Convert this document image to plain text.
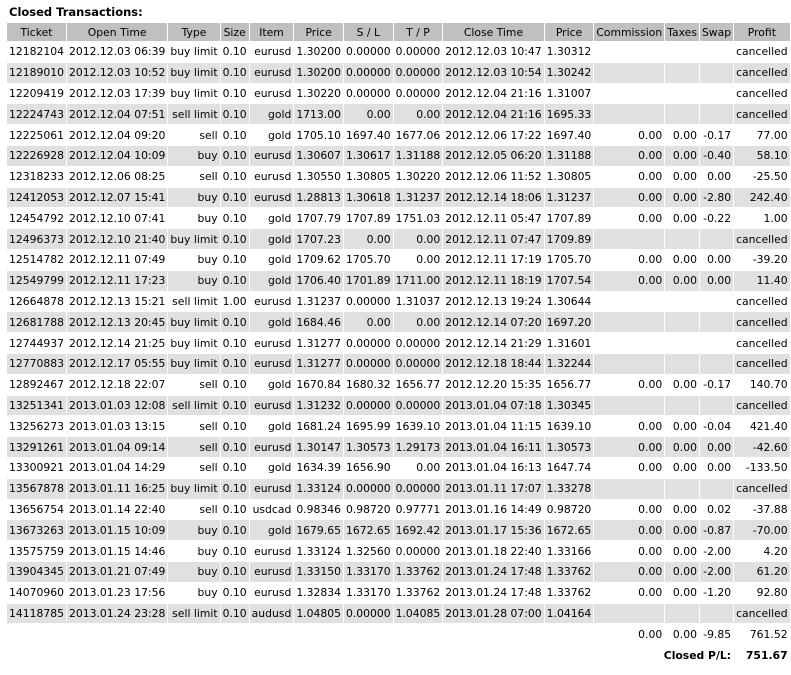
Closed Transactions:
Ticket	Open Time	Type	Size	Item	Price	S / L	T / P	Close Time	Price	Commission	Taxes	Swap	Profit
12182104	2012.12.03 06:39	buy limit	0.10	eurusd	1.30200	0.00000	0.00000	2012.12.03 10:47	1.30312				cancelled
12189010	2012.12.03 10:52	buy limit	0.10	eurusd	1.30200	0.00000	0.00000	2012.12.03 10:54	1.30242				cancelled
12209419	2012.12.03 17:39	buy limit	0.10	eurusd	1.30220	0.00000	0.00000	2012.12.04 21:16	1.31007				cancelled
12224743	2012.12.04 07:51	sell limit	0.10	gold	1713.00	0.00	0.00	2012.12.04 21:16	1695.33				cancelled
12225061	2012.12.04 09:20	sell	0.10	gold	1705.10	1697.40	1677.06	2012.12.06 17:22	1697.40	0.00	0.00	-0.17	77.00
12226928	2012.12.04 10:09	buy	0.10	eurusd	1.30607	1.30617	1.31188	2012.12.05 06:20	1.31188	0.00	0.00	-0.40	58.10
12318233	2012.12.06 08:25	sell	0.10	eurusd	1.30550	1.30805	1.30220	2012.12.06 11:52	1.30805	0.00	0.00	0.00	-25.50
12412053	2012.12.07 15:41	buy	0.10	eurusd	1.28813	1.30618	1.31237	2012.12.14 18:06	1.31237	0.00	0.00	-2.80	242.40
12454792	2012.12.10 07:41	buy	0.10	gold	1707.79	1707.89	1751.03	2012.12.11 05:47	1707.89	0.00	0.00	-0.22	1.00
12496373	2012.12.10 21:40	buy limit	0.10	gold	1707.23	0.00	0.00	2012.12.11 07:47	1709.89				cancelled
12514782	2012.12.11 07:49	buy	0.10	gold	1709.62	1705.70	0.00	2012.12.11 17:19	1705.70	0.00	0.00	0.00	-39.20
12549799	2012.12.11 17:23	buy	0.10	gold	1706.40	1701.89	1711.00	2012.12.11 18:19	1707.54	0.00	0.00	0.00	11.40
12664878	2012.12.13 15:21	sell limit	1.00	eurusd	1.31237	0.00000	1.31037	2012.12.13 19:24	1.30644				cancelled
12681788	2012.12.13 20:45	buy limit	0.10	gold	1684.46	0.00	0.00	2012.12.14 07:20	1697.20				cancelled
12744937	2012.12.14 21:25	buy limit	0.10	eurusd	1.31277	0.00000	0.00000	2012.12.14 21:29	1.31601				cancelled
12770883	2012.12.17 05:55	buy limit	0.10	eurusd	1.31277	0.00000	0.00000	2012.12.18 18:44	1.32244				cancelled
12892467	2012.12.18 22:07	sell	0.10	gold	1670.84	1680.32	1656.77	2012.12.20 15:35	1656.77	0.00	0.00	-0.17	140.70
13251341	2013.01.03 12:08	sell limit	0.10	eurusd	1.31232	0.00000	0.00000	2013.01.04 07:18	1.30345				cancelled
13256273	2013.01.03 13:15	sell	0.10	gold	1681.24	1695.99	1639.10	2013.01.04 11:15	1639.10	0.00	0.00	-0.04	421.40
13291261	2013.01.04 09:14	sell	0.10	eurusd	1.30147	1.30573	1.29173	2013.01.04 16:11	1.30573	0.00	0.00	0.00	-42.60
13300921	2013.01.04 14:29	sell	0.10	gold	1634.39	1656.90	0.00	2013.01.04 16:13	1647.74	0.00	0.00	0.00	-133.50
13567878	2013.01.11 16:25	buy limit	0.10	eurusd	1.33124	0.00000	0.00000	2013.01.11 17:07	1.33278				cancelled
13656754	2013.01.14 22:40	sell	0.10	usdcad	0.98346	0.98720	0.97771	2013.01.16 14:49	0.98720	0.00	0.00	0.02	-37.88
13673263	2013.01.15 10:09	buy	0.10	gold	1679.65	1672.65	1692.42	2013.01.17 15:36	1672.65	0.00	0.00	-0.87	-70.00
13575759	2013.01.15 14:46	buy	0.10	eurusd	1.33124	1.32560	0.00000	2013.01.18 22:40	1.33166	0.00	0.00	-2.00	4.20
13904345	2013.01.21 07:49	buy	0.10	eurusd	1.33150	1.33170	1.33762	2013.01.24 17:48	1.33762	0.00	0.00	-2.00	61.20
14070960	2013.01.23 17:56	buy	0.10	eurusd	1.32834	1.33170	1.33762	2013.01.24 17:48	1.33762	0.00	0.00	-1.20	92.80
14118785	2013.01.24 23:28	sell limit	0.10	audusd	1.04805	0.00000	1.04085	2013.01.28 07:00	1.04164				cancelled
										0.00	0.00	-9.85	761.52
										Closed P/L:			751.67
